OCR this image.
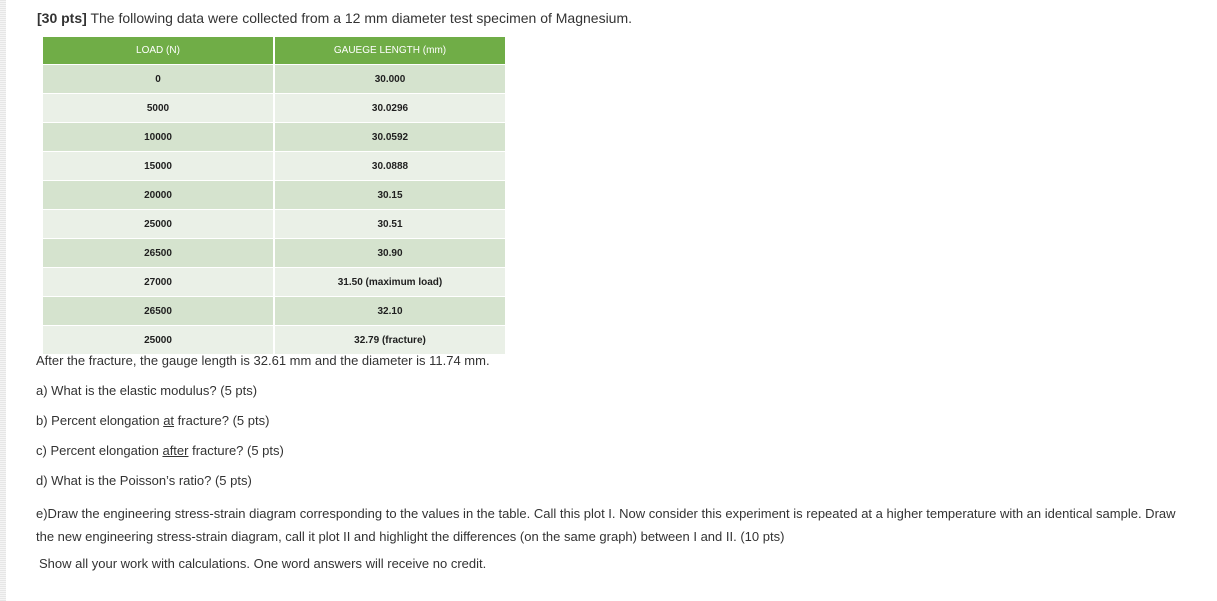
[30 pts] The following data were collected from a 12 mm diameter test specimen of Magnesium.
LOAD (N)	GAUEGE LENGTH (mm)
0	30.000
5000	30.0296
10000	30.0592
15000	30.0888
20000	30.15
25000	30.51
26500	30.90
27000	31.50 (maximum load)
26500	32.10
25000	32.79 (fracture)
After the fracture, the gauge length is 32.61 mm and the diameter is 11.74 mm.
a) What is the elastic modulus? (5 pts)
b) Percent elongation at fracture? (5 pts)
c) Percent elongation after fracture? (5 pts)
d) What is the Poisson’s ratio? (5 pts)
e)Draw the engineering stress-strain diagram corresponding to the values in the table. Call this plot I. Now consider this experiment is repeated at a higher temperature with an identical sample. Draw the new engineering stress-strain diagram, call it plot II and highlight the differences (on the same graph) between I and II. (10 pts)
Show all your work with calculations. One word answers will receive no credit.
